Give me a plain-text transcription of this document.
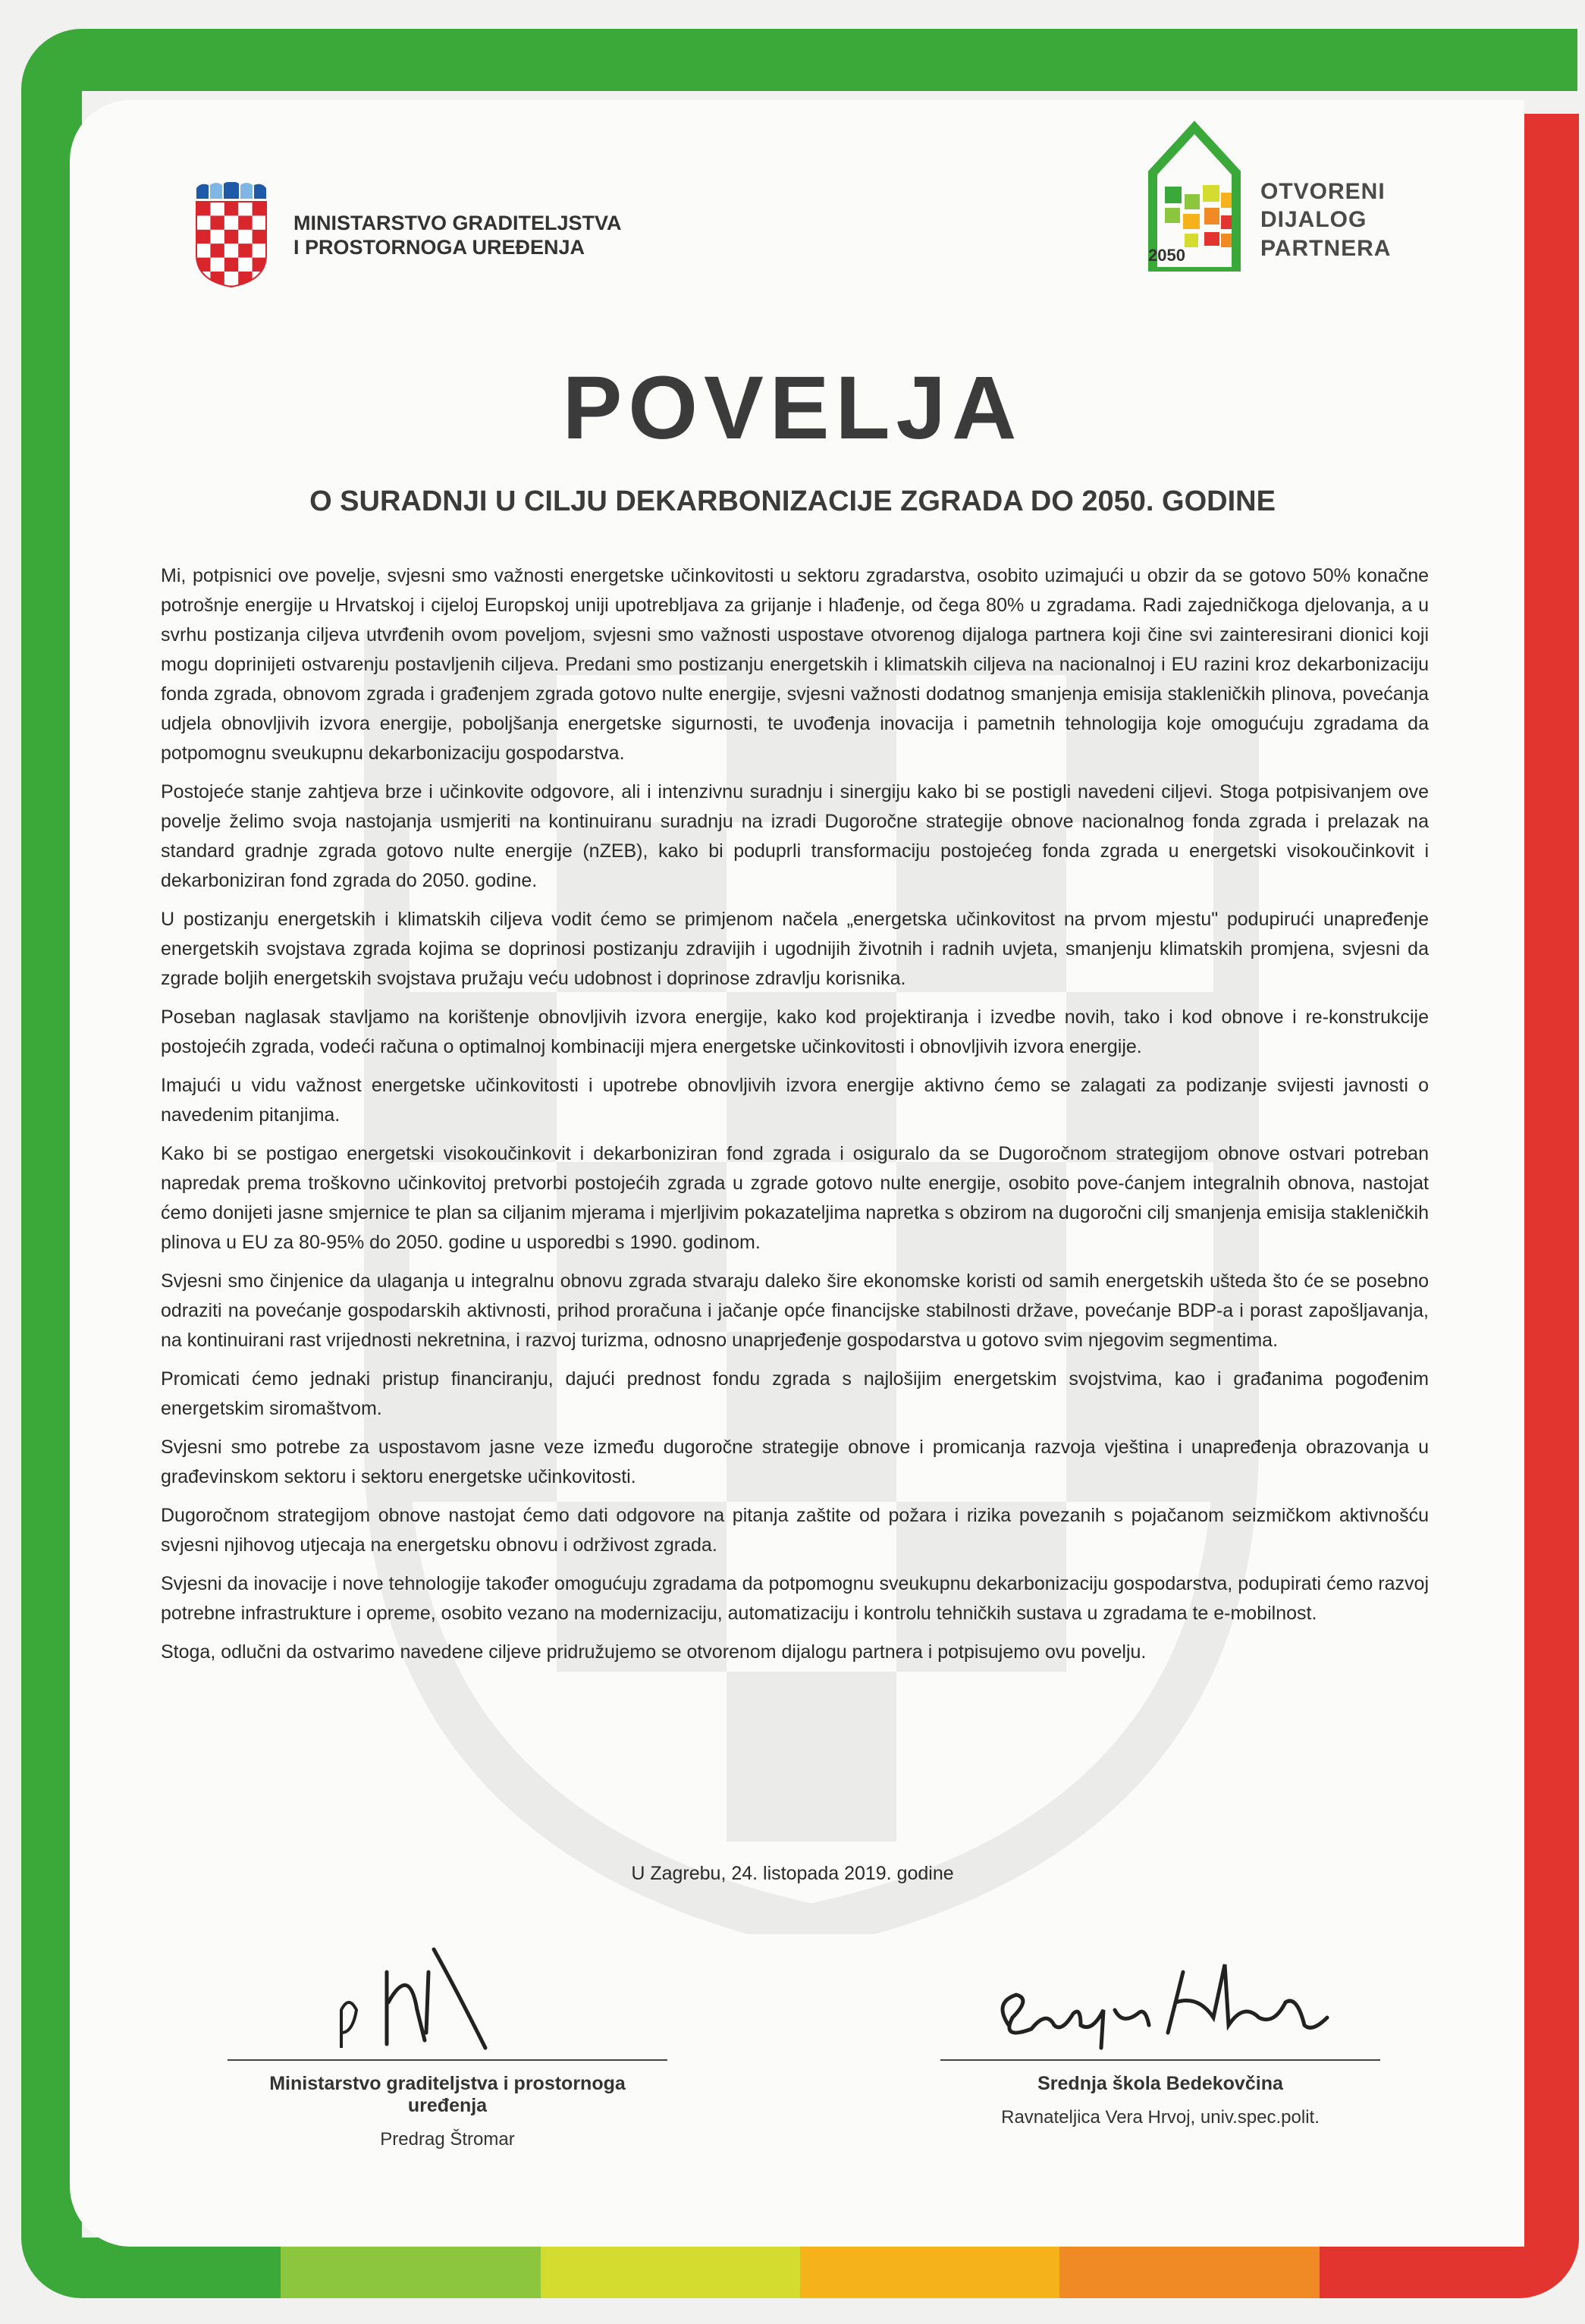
MINISTARSTVO GRADITELJSTVA
I PROSTORNOGA UREĐENJA	2050
OTVORENI
DIJALOG
PARTNERA
POVELJA
O SURADNJI U CILJU DEKARBONIZACIJE ZGRADA DO 2050. GODINE

Mi, potpisnici ove povelje, svjesni smo važnosti energetske učinkovitosti u sektoru zgradarstva, osobito uzimajući u obzir da se gotovo 50% konačne potrošnje energije u Hrvatskoj i cijeloj Europskoj uniji upotrebljava za grijanje i hlađenje, od čega 80% u zgradama. Radi zajedničkoga djelovanja, a u svrhu postizanja ciljeva utvrđenih ovom poveljom, svjesni smo važnosti uspostave otvorenog dijaloga partnera koji čine svi zainteresirani dionici koji mogu doprinijeti ostvarenju postavljenih ciljeva. Predani smo postizanju energetskih i klimatskih ciljeva na nacionalnoj i EU razini kroz dekarbonizaciju fonda zgrada, obnovom zgrada i građenjem zgrada gotovo nulte energije, svjesni važnosti dodatnog smanjenja emisija stakleničkih plinova, povećanja udjela obnovljivih izvora energije, poboljšanja energetske sigurnosti, te uvođenja inovacija i pametnih tehnologija koje omogućuju zgradama da potpomognu sveukupnu dekarbonizaciju gospodarstva.

Postojeće stanje zahtjeva brze i učinkovite odgovore, ali i intenzivnu suradnju i sinergiju kako bi se postigli navedeni ciljevi. Stoga potpisivanjem ove povelje želimo svoja nastojanja usmjeriti na kontinuiranu suradnju na izradi Dugoročne strategije obnove nacionalnog fonda zgrada i prelazak na standard gradnje zgrada gotovo nulte energije (nZEB), kako bi poduprli transformaciju postojećeg fonda zgrada u energetski visokoučinkovit i dekarboniziran fond zgrada do 2050. godine.

U postizanju energetskih i klimatskih ciljeva vodit ćemo se primjenom načela „energetska učinkovitost na prvom mjestu" podupirući unapređenje energetskih svojstava zgrada kojima se doprinosi postizanju zdravijih i ugodnijih životnih i radnih uvjeta, smanjenju klimatskih promjena, svjesni da zgrade boljih energetskih svojstava pružaju veću udobnost i doprinose zdravlju korisnika.

Poseban naglasak stavljamo na korištenje obnovljivih izvora energije, kako kod projektiranja i izvedbe novih, tako i kod obnove i re-konstrukcije postojećih zgrada, vodeći računa o optimalnoj kombinaciji mjera energetske učinkovitosti i obnovljivih izvora energije.

Imajući u vidu važnost energetske učinkovitosti i upotrebe obnovljivih izvora energije aktivno ćemo se zalagati za podizanje svijesti javnosti o navedenim pitanjima.

Kako bi se postigao energetski visokoučinkovit i dekarboniziran fond zgrada i osiguralo da se Dugoročnom strategijom obnove ostvari potreban napredak prema troškovno učinkovitoj pretvorbi postojećih zgrada u zgrade gotovo nulte energije, osobito pove-ćanjem integralnih obnova, nastojat ćemo donijeti jasne smjernice te plan sa ciljanim mjerama i mjerljivim pokazateljima napretka s obzirom na dugoročni cilj smanjenja emisija stakleničkih plinova u EU za 80-95% do 2050. godine u usporedbi s 1990. godinom.

Svjesni smo činjenice da ulaganja u integralnu obnovu zgrada stvaraju daleko šire ekonomske koristi od samih energetskih ušteda što će se posebno odraziti na povećanje gospodarskih aktivnosti, prihod proračuna i jačanje opće financijske stabilnosti države, povećanje BDP-a i porast zapošljavanja, na kontinuirani rast vrijednosti nekretnina, i razvoj turizma, odnosno unaprjeđenje gospodarstva u gotovo svim njegovim segmentima.

Promicati ćemo jednaki pristup financiranju, dajući prednost fondu zgrada s najlošijim energetskim svojstvima, kao i građanima pogođenim energetskim siromaštvom.

Svjesni smo potrebe za uspostavom jasne veze između dugoročne strategije obnove i promicanja razvoja vještina i unapređenja obrazovanja u građevinskom sektoru i sektoru energetske učinkovitosti.

Dugoročnom strategijom obnove nastojat ćemo dati odgovore na pitanja zaštite od požara i rizika povezanih s pojačanom seizmičkom aktivnošću svjesni njihovog utjecaja na energetsku obnovu i održivost zgrada.

Svjesni da inovacije i nove tehnologije također omogućuju zgradama da potpomognu sveukupnu dekarbonizaciju gospodarstva, podupirati ćemo razvoj potrebne infrastrukture i opreme, osobito vezano na modernizaciju, automatizaciju i kontrolu tehničkih sustava u zgradama te e-mobilnost.

Stoga, odlučni da ostvarimo navedene ciljeve pridružujemo se otvorenom dijalogu partnera i potpisujemo ovu povelju.

U Zagrebu, 24. listopada 2019. godine
Ministarstvo graditeljstva i prostornoga uređenja
Predrag Štromar
Srednja škola Bedekovčina
Ravnateljica Vera Hrvoj, univ.spec.polit.
